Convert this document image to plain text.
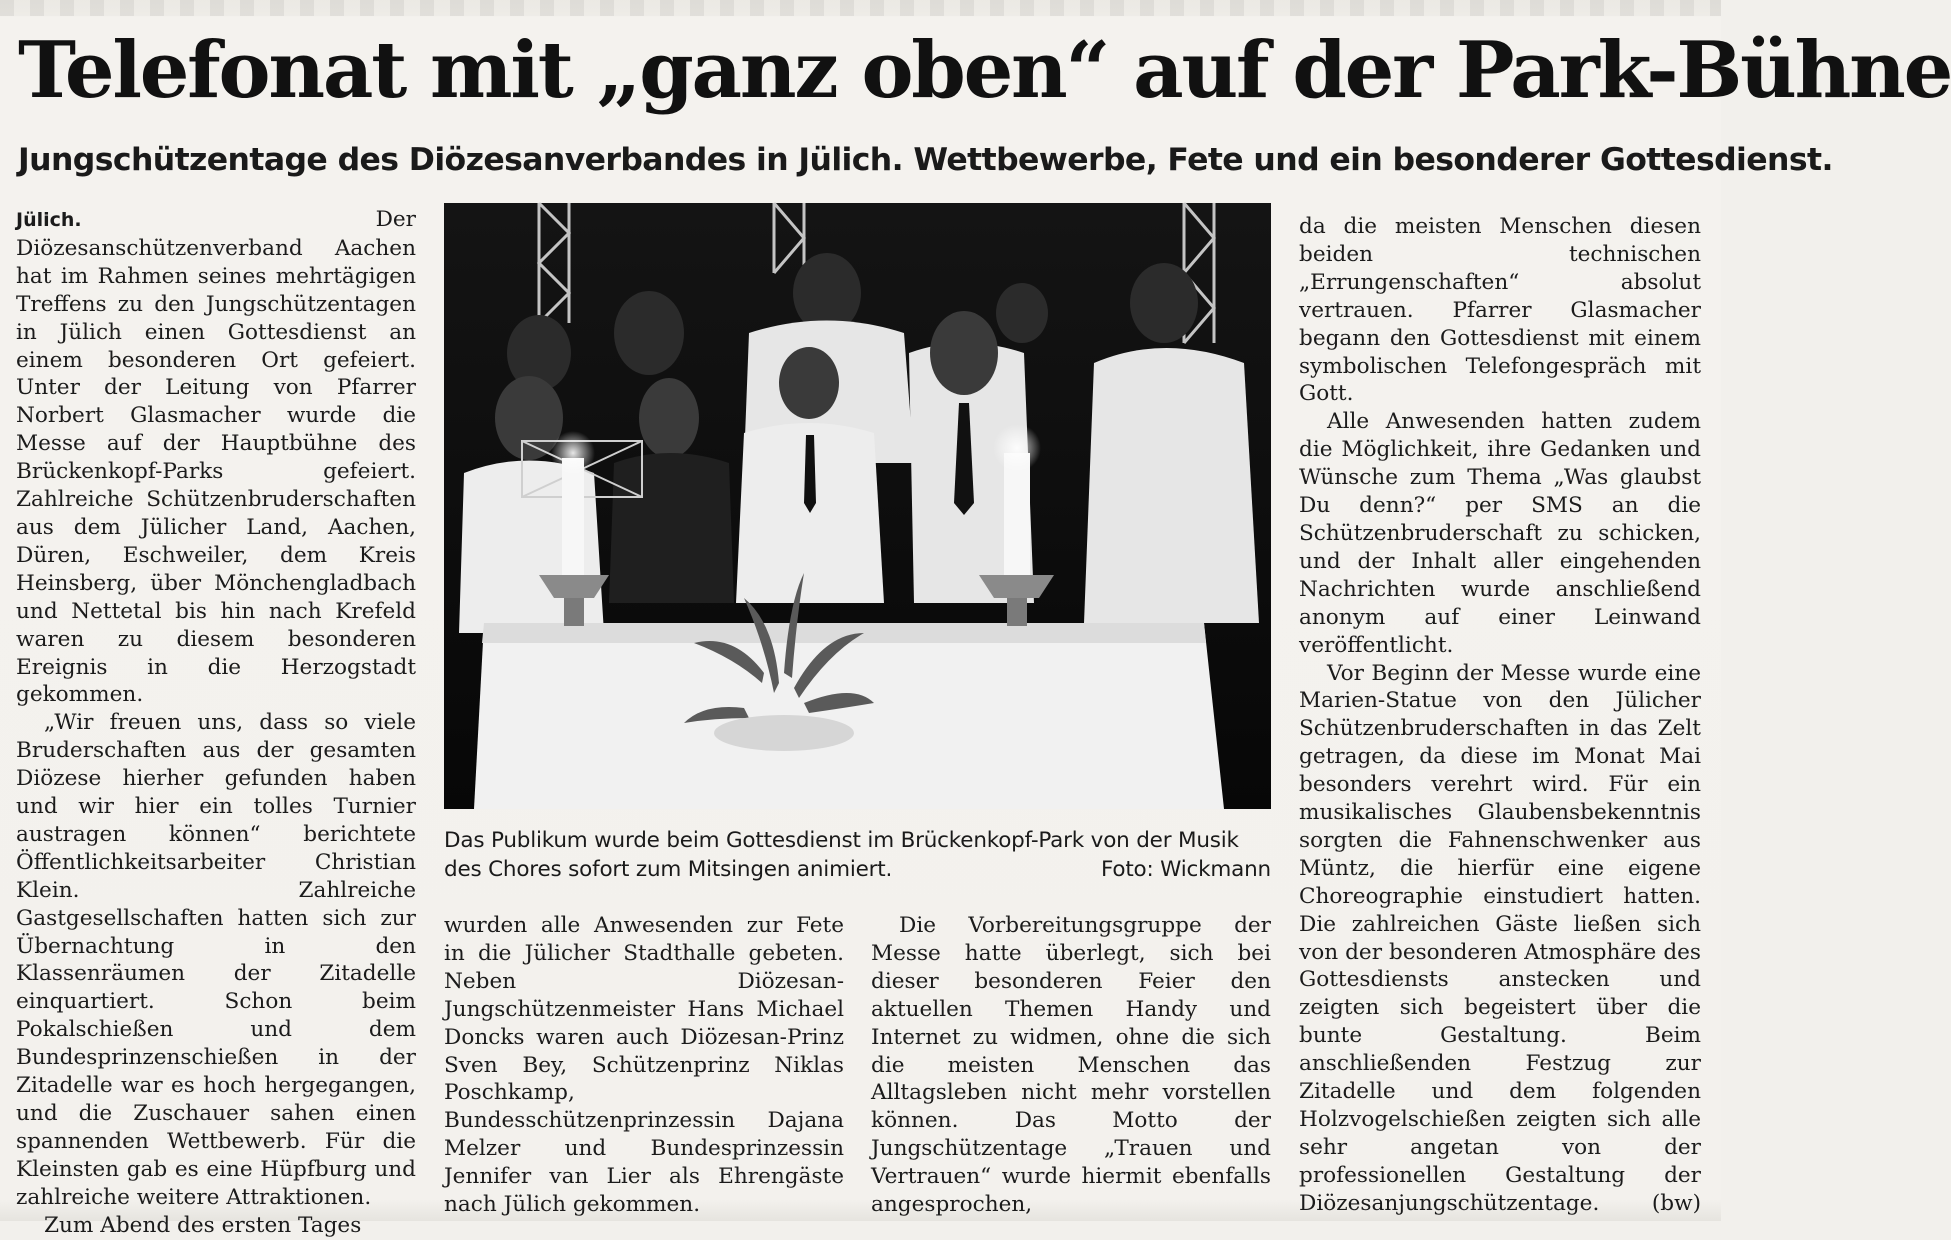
Telefonat mit „ganz oben“ auf der Park-Bühne
Jungschützentage des Diözesanverbandes in Jülich. Wettbewerbe, Fete und ein besonderer Gottesdienst.

Jülich. Der Diözesanschützenverband Aachen hat im Rahmen seines mehrtägigen Treffens zu den Jungschützentagen in Jülich einen Gottesdienst an einem besonderen Ort gefeiert. Unter der Leitung von Pfarrer Norbert Glasmacher wurde die Messe auf der Hauptbühne des Brückenkopf-Parks gefeiert. Zahlreiche Schützenbruderschaften aus dem Jülicher Land, Aachen, Düren, Eschweiler, dem Kreis Heinsberg, über Mönchengladbach und Nettetal bis hin nach Krefeld waren zu diesem besonderen Ereignis in die Herzogstadt gekommen.

„Wir freuen uns, dass so viele Bruderschaften aus der gesamten Diözese hierher gefunden haben und wir hier ein tolles Turnier austragen können“ berichtete Öffentlichkeitsarbeiter Christian Klein. Zahlreiche Gastgesellschaften hatten sich zur Übernachtung in den Klassenräumen der Zitadelle einquartiert. Schon beim Pokalschießen und dem Bundesprinzenschießen in der Zitadelle war es hoch hergegangen, und die Zuschauer sahen einen spannenden Wettbewerb. Für die Kleinsten gab es eine Hüpfburg und zahlreiche weitere Attraktionen.

Zum Abend des ersten Tages

Das Publikum wurde beim Gottesdienst im Brückenkopf-Park von der Musik des Chores sofort zum Mitsingen animiert.	Foto: Wickmann

wurden alle Anwesenden zur Fete in die Jülicher Stadthalle gebeten. Neben Diözesan-Jungschützenmeister Hans Michael Doncks waren auch Diözesan-Prinz Sven Bey, Schützenprinz Niklas Poschkamp, Bundesschützenprinzessin Dajana Melzer und Bundesprinzessin Jennifer van Lier als Ehrengäste nach Jülich gekommen.

Die Vorbereitungsgruppe der Messe hatte überlegt, sich bei dieser besonderen Feier den aktuellen Themen Handy und Internet zu widmen, ohne die sich die meisten Menschen das Alltagsleben nicht mehr vorstellen können. Das Motto der Jungschützentage „Trauen und Vertrauen“ wurde hiermit ebenfalls angesprochen,

da die meisten Menschen diesen beiden technischen „Errungenschaften“ absolut vertrauen. Pfarrer Glasmacher begann den Gottesdienst mit einem symbolischen Telefongespräch mit Gott.

Alle Anwesenden hatten zudem die Möglichkeit, ihre Gedanken und Wünsche zum Thema „Was glaubst Du denn?“ per SMS an die Schützenbruderschaft zu schicken, und der Inhalt aller eingehenden Nachrichten wurde anschließend anonym auf einer Leinwand veröffentlicht.

Vor Beginn der Messe wurde eine Marien-Statue von den Jülicher Schützenbruderschaften in das Zelt getragen, da diese im Monat Mai besonders verehrt wird. Für ein musikalisches Glaubensbekenntnis sorgten die Fahnenschwenker aus Müntz, die hierfür eine eigene Choreographie einstudiert hatten. Die zahlreichen Gäste ließen sich von der besonderen Atmosphäre des Gottesdiensts anstecken und zeigten sich begeistert über die bunte Gestaltung. Beim anschließenden Festzug zur Zitadelle und dem folgenden Holzvogelschießen zeigten sich alle sehr angetan von der professionellen Gestaltung der Diözesanjungschützentage.	(bw)
